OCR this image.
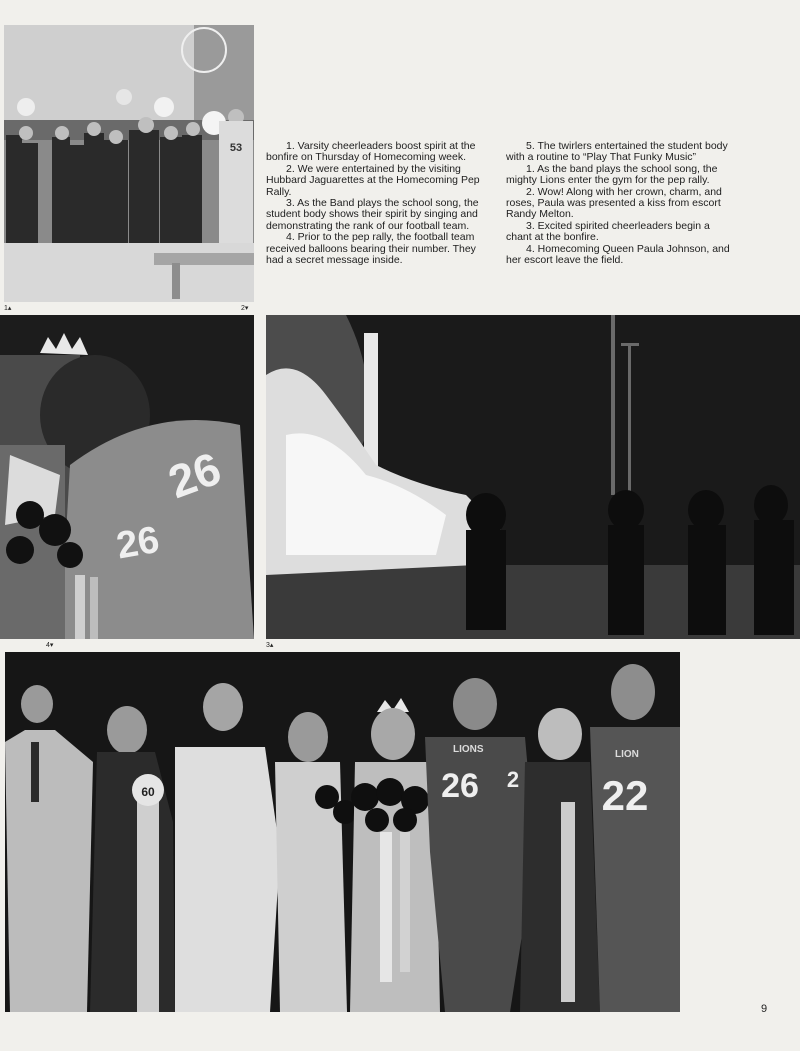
53	1. Varsity cheerleaders boost spirit at the bonfire on Thursday of Homecoming week.

2. We were entertained by the visiting Hubbard Jaguarettes at the Homecoming Pep Rally.

3. As the Band plays the school song, the student body shows their spirit by singing and demonstrating the rank of our football team.

4. Prior to the pep rally, the football team received balloons bearing their number. They had a secret message inside.

5. The twirlers entertained the student body with a routine to “Play That Funky Music”

1. As the band plays the school song, the mighty Lions enter the gym for the pep rally.

2. Wow! Along with her crown, charm, and roses, Paula was presented a kiss from escort Randy Melton.

3. Excited spirited cheerleaders begin a chant at the bonfire.

4. Homecoming Queen Paula Johnson, and her escort leave the field.

1▴	2▾
4▾	3▴
26
26
60
LIONS
26 2
LION
22
9
